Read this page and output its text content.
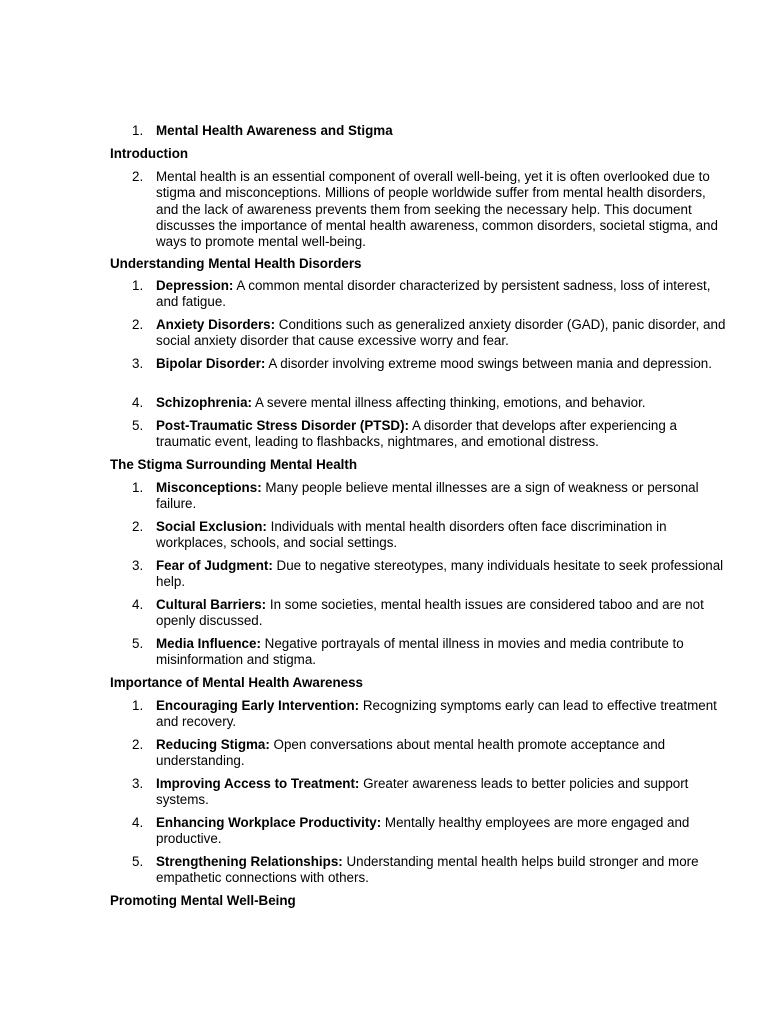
1. Mental Health Awareness and Stigma
Introduction
2. Mental health is an essential component of overall well-being, yet it is often overlooked due to stigma and misconceptions. Millions of people worldwide suffer from mental health disorders, and the lack of awareness prevents them from seeking the necessary help. This document discusses the importance of mental health awareness, common disorders, societal stigma, and ways to promote mental well-being.
Understanding Mental Health Disorders
1. Depression: A common mental disorder characterized by persistent sadness, loss of interest, and fatigue.
2. Anxiety Disorders: Conditions such as generalized anxiety disorder (GAD), panic disorder, and social anxiety disorder that cause excessive worry and fear.
3. Bipolar Disorder: A disorder involving extreme mood swings between mania and depression.
4. Schizophrenia: A severe mental illness affecting thinking, emotions, and behavior.
5. Post-Traumatic Stress Disorder (PTSD): A disorder that develops after experiencing a traumatic event, leading to flashbacks, nightmares, and emotional distress.
The Stigma Surrounding Mental Health
1. Misconceptions: Many people believe mental illnesses are a sign of weakness or personal failure.
2. Social Exclusion: Individuals with mental health disorders often face discrimination in workplaces, schools, and social settings.
3. Fear of Judgment: Due to negative stereotypes, many individuals hesitate to seek professional help.
4. Cultural Barriers: In some societies, mental health issues are considered taboo and are not openly discussed.
5. Media Influence: Negative portrayals of mental illness in movies and media contribute to misinformation and stigma.
Importance of Mental Health Awareness
1. Encouraging Early Intervention: Recognizing symptoms early can lead to effective treatment and recovery.
2. Reducing Stigma: Open conversations about mental health promote acceptance and understanding.
3. Improving Access to Treatment: Greater awareness leads to better policies and support systems.
4. Enhancing Workplace Productivity: Mentally healthy employees are more engaged and productive.
5. Strengthening Relationships: Understanding mental health helps build stronger and more empathetic connections with others.
Promoting Mental Well-Being
